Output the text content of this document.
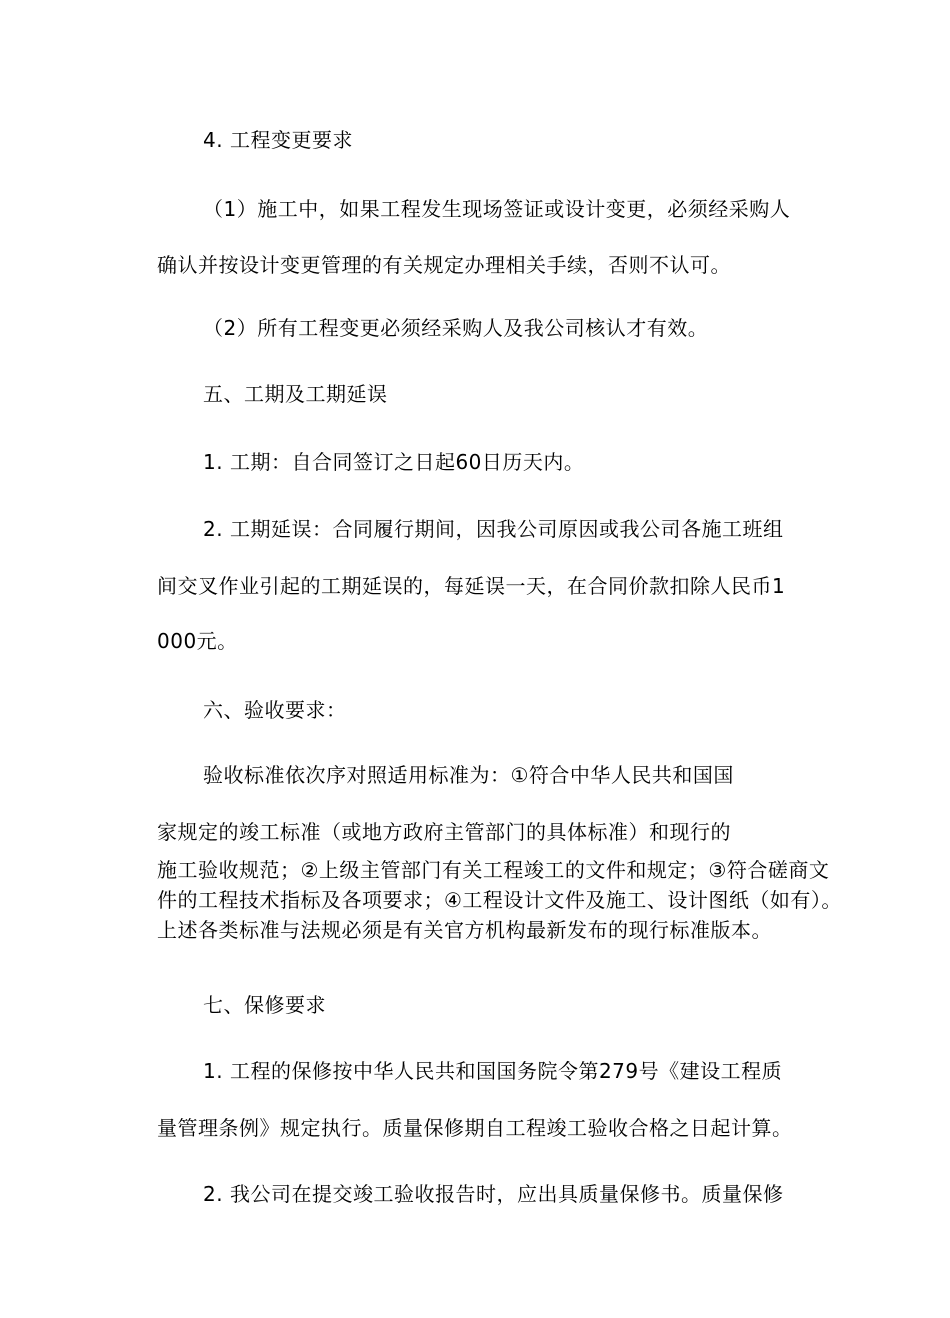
4. 工程变更要求
（1）施工中，如果工程发生现场签证或设计变更，必须经采购人
确认并按设计变更管理的有关规定办理相关手续，否则不认可。
（2）所有工程变更必须经采购人及我公司核认才有效。
五、工期及工期延误
1. 工期：自合同签订之日起60日历天内。
2. 工期延误：合同履行期间，因我公司原因或我公司各施工班组
间交叉作业引起的工期延误的，每延误一天，在合同价款扣除人民币1
000元。
六、验收要求：
验收标准依次序对照适用标准为：①符合中华人民共和国国
家规定的竣工标准（或地方政府主管部门的具体标准）和现行的
施工验收规范；②上级主管部门有关工程竣工的文件和规定；③符合磋商文件的工程技术指标及各项要求；④工程设计文件及施工、设计图纸（如有）。上述各类标准与法规必须是有关官方机构最新发布的现行标准版本。
七、保修要求
1. 工程的保修按中华人民共和国国务院令第279号《建设工程质
量管理条例》规定执行。质量保修期自工程竣工验收合格之日起计算。
2. 我公司在提交竣工验收报告时，应出具质量保修书。质量保修
